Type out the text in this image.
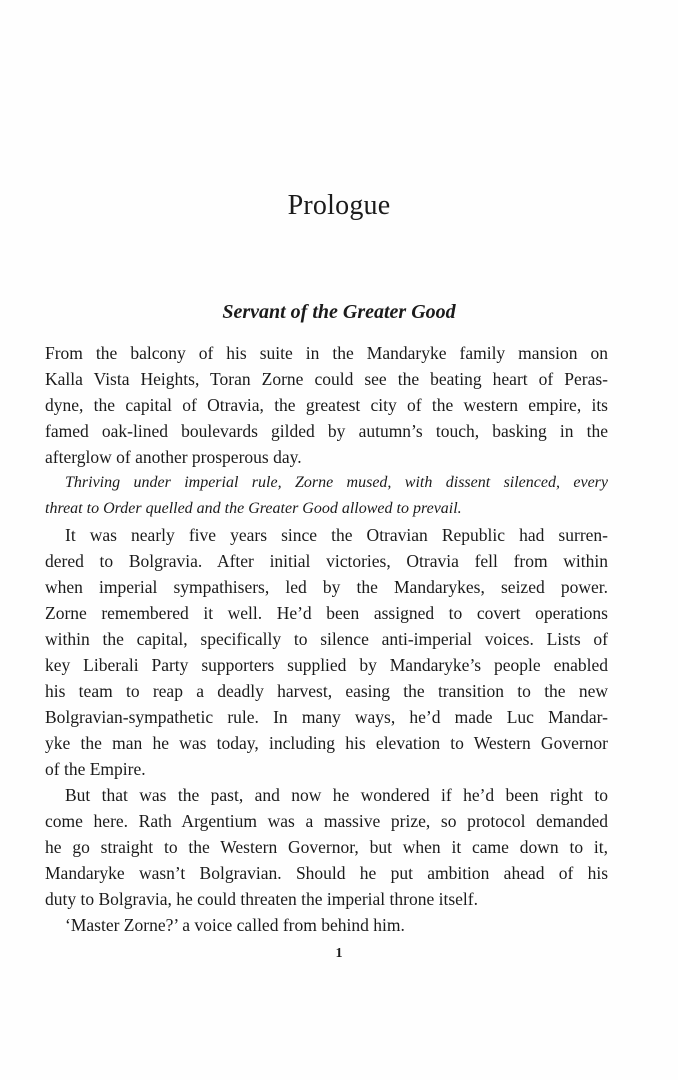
Prologue
Servant of the Greater Good
From the balcony of his suite in the Mandaryke family mansion on
Kalla Vista Heights, Toran Zorne could see the beating heart of Peras-
dyne, the capital of Otravia, the greatest city of the western empire, its
famed oak-lined boulevards gilded by autumn’s touch, basking in the
afterglow of another prosperous day.
Thriving under imperial rule, Zorne mused, with dissent silenced, every
threat to Order quelled and the Greater Good allowed to prevail.
It was nearly five years since the Otravian Republic had surren-
dered to Bolgravia. After initial victories, Otravia fell from within
when imperial sympathisers, led by the Mandarykes, seized power.
Zorne remembered it well. He’d been assigned to covert operations
within the capital, specifically to silence anti-imperial voices. Lists of
key Liberali Party supporters supplied by Mandaryke’s people enabled
his team to reap a deadly harvest, easing the transition to the new
Bolgravian-sympathetic rule. In many ways, he’d made Luc Mandar-
yke the man he was today, including his elevation to Western Governor
of the Empire.
But that was the past, and now he wondered if he’d been right to
come here. Rath Argentium was a massive prize, so protocol demanded
he go straight to the Western Governor, but when it came down to it,
Mandaryke wasn’t Bolgravian. Should he put ambition ahead of his
duty to Bolgravia, he could threaten the imperial throne itself.
‘Master Zorne?’ a voice called from behind him.
1
